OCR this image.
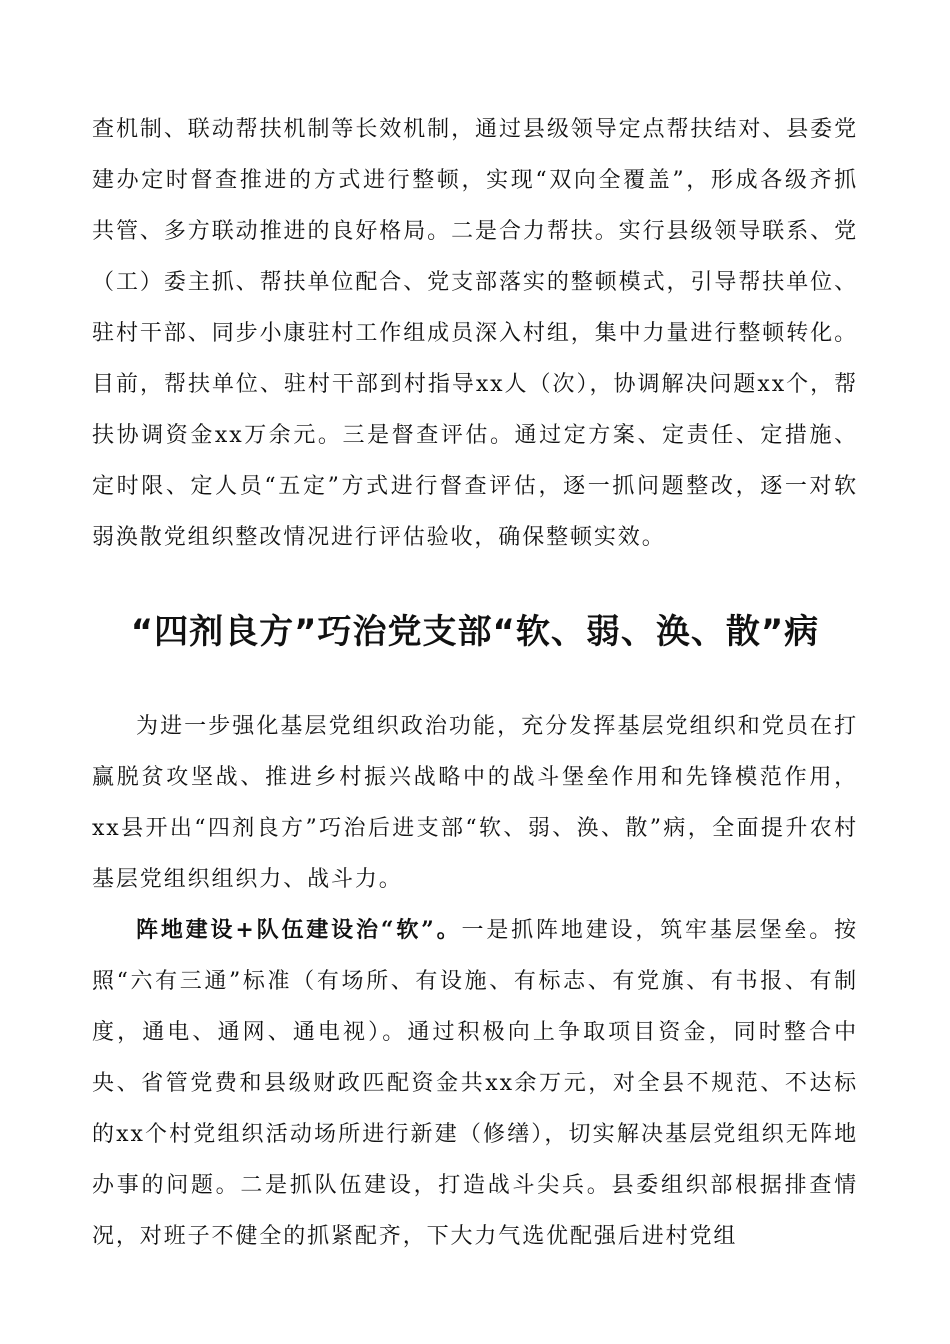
查机制、联动帮扶机制等长效机制，通过县级领导定点帮扶结对、县委党建办定时督查推进的方式进行整顿，实现“双向全覆盖”，形成各级齐抓共管、多方联动推进的良好格局。二是合力帮扶。实行县级领导联系、党（工）委主抓、帮扶单位配合、党支部落实的整顿模式，引导帮扶单位、驻村干部、同步小康驻村工作组成员深入村组，集中力量进行整顿转化。目前，帮扶单位、驻村干部到村指导xx人（次），协调解决问题xx个，帮扶协调资金xx万余元。三是督查评估。通过定方案、定责任、定措施、定时限、定人员“五定”方式进行督查评估，逐一抓问题整改，逐一对软弱涣散党组织整改情况进行评估验收，确保整顿实效。

“四剂良方”巧治党支部“软、弱、涣、散”病

为进一步强化基层党组织政治功能，充分发挥基层党组织和党员在打赢脱贫攻坚战、推进乡村振兴战略中的战斗堡垒作用和先锋模范作用，xx县开出“四剂良方”巧治后进支部“软、弱、涣、散”病，全面提升农村基层党组织组织力、战斗力。

阵地建设+队伍建设治“软”。一是抓阵地建设，筑牢基层堡垒。按照“六有三通”标准（有场所、有设施、有标志、有党旗、有书报、有制度，通电、通网、通电视）。通过积极向上争取项目资金，同时整合中央、省管党费和县级财政匹配资金共xx余万元，对全县不规范、不达标的xx个村党组织活动场所进行新建（修缮），切实解决基层党组织无阵地办事的问题。二是抓队伍建设，打造战斗尖兵。县委组织部根据排查情况，对班子不健全的抓紧配齐，下大力气选优配强后进村党组
